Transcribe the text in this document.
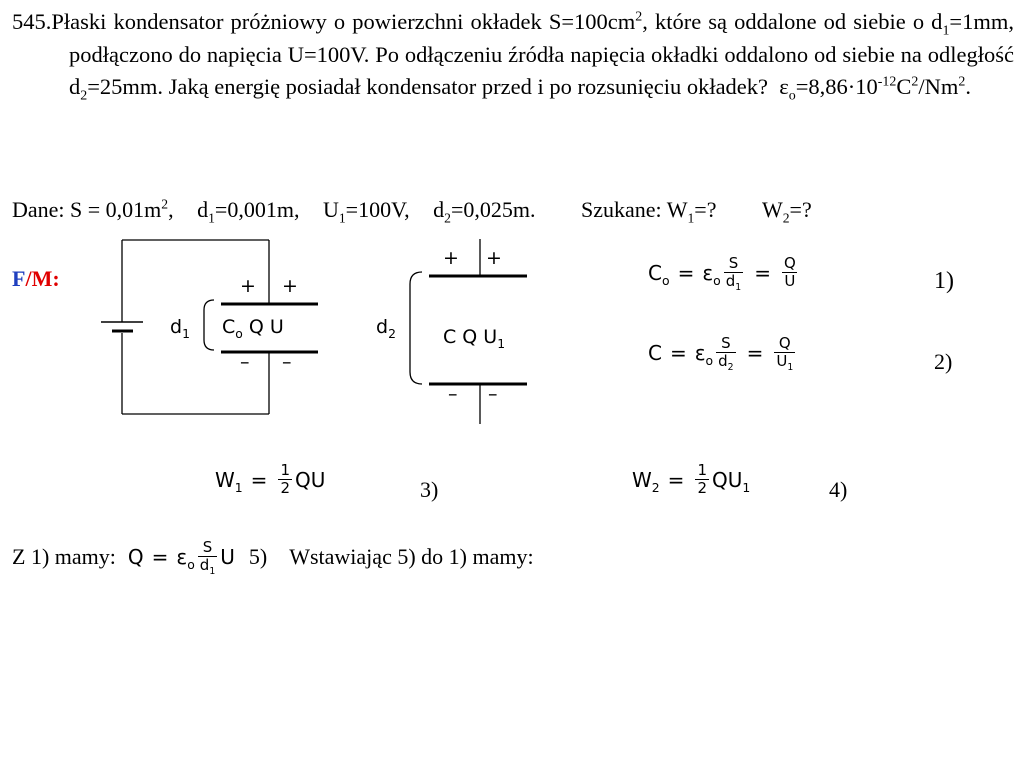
545.Płaski kondensator próżniowy o powierzchni okładek $S=100cm^2$, które są oddalone od siebie o $d_1=1mm$, podłączono do napięcia U=100V. Po odłączeniu źródła napięcia okładki oddalono od siebie na odległość $d_2=25mm$. Jaką energię posiadał kondensator przed i po rozsunięciu okładek?  $\varepsilon_o=8,86\cdot 10^{-12}C^2/Nm^2$.

Dane: $S = 0,01m^2$, $d_1=0,001m$, $U_1=100V$, $d_2=0,025m$. Szukane: $W_1=$? $W_2=$?
F/M:	+ +
– –
$d_1$ $C_o$ Q U
+ +
– –
$d_2$ C Q $U_1$
$C_o = \varepsilon_o \frac{S}{d_1} = \frac{Q}{U}$	1)
$C = \varepsilon_o \frac{S}{d_2} = \frac{Q}{U_1}$	2)
$W_1 = \frac{1}{2}$ QU	3)	$W_2 = \frac{1}{2} QU_1$	4)
Z 1) mamy: $Q = \varepsilon_o \frac{S}{d_1}$ U 5) Wstawiając 5) do 1) mamy:
